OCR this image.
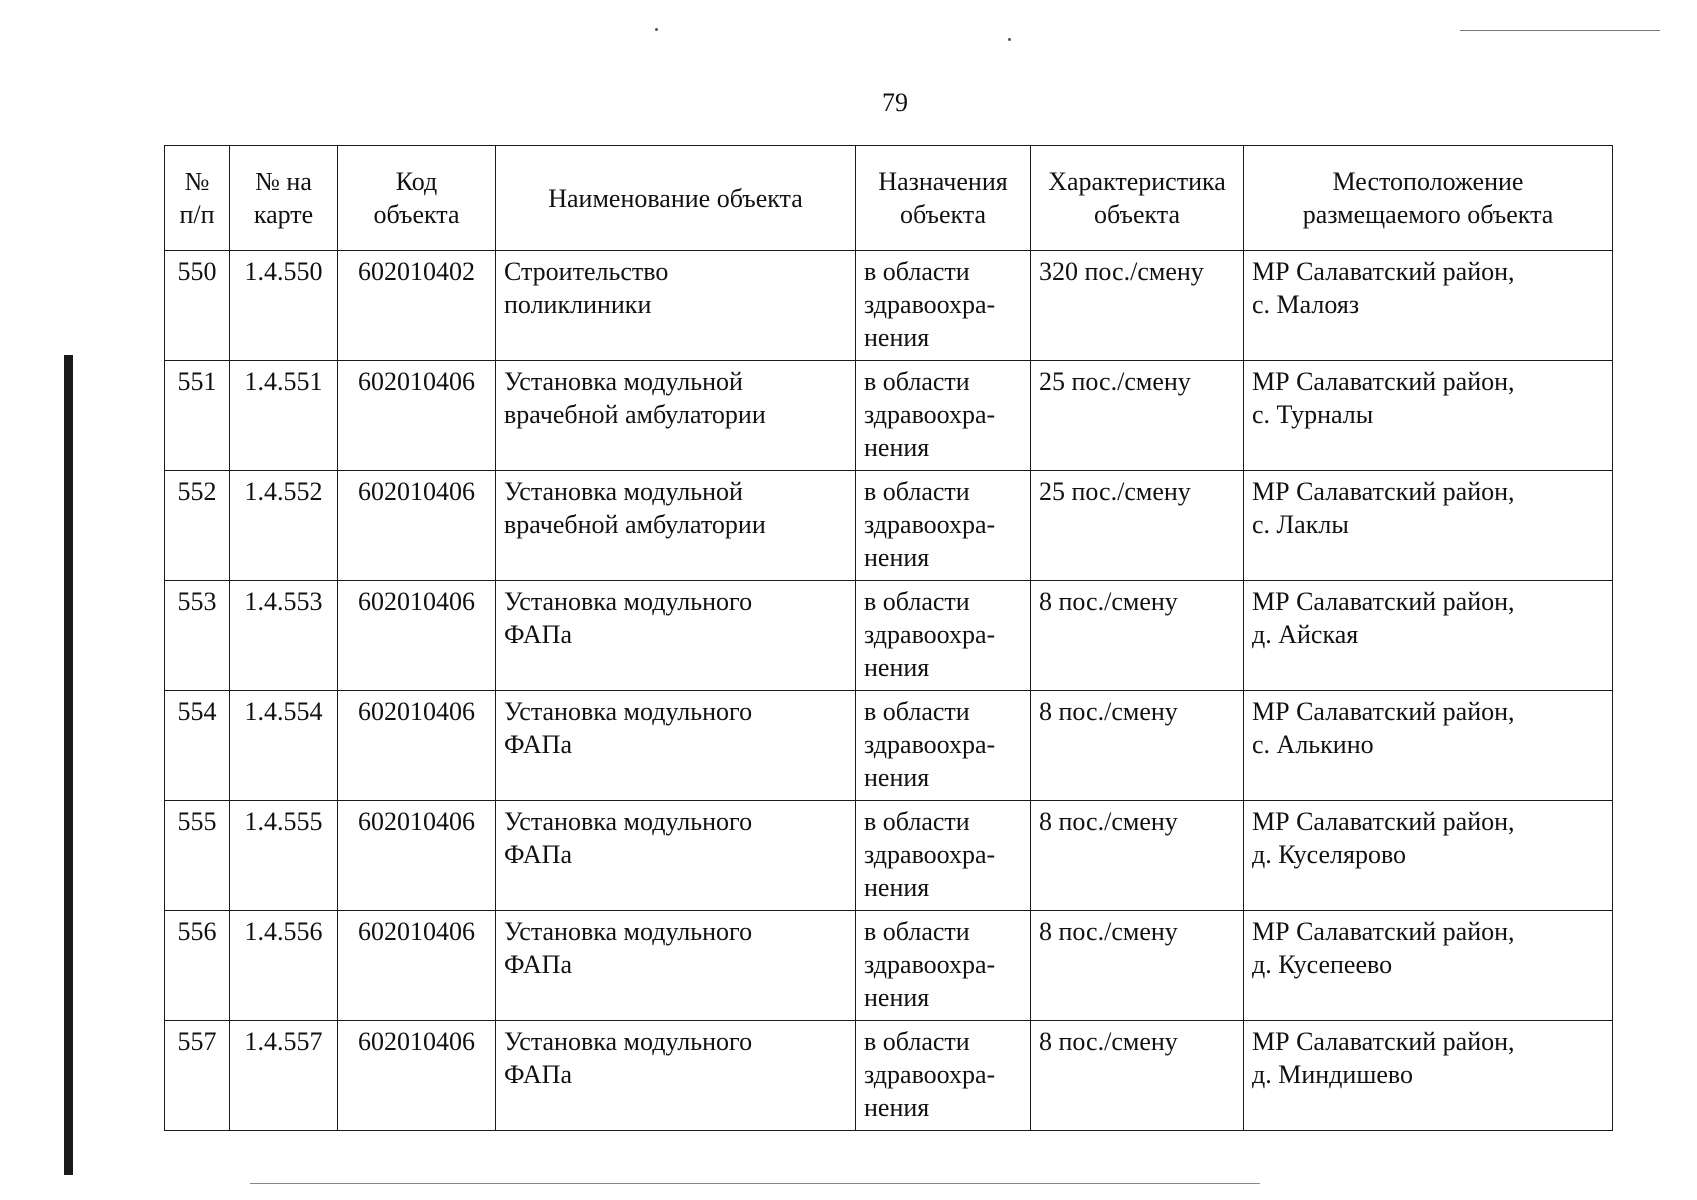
79
№
п/п	№ на
карте	Код
объекта	Наименование объекта	Назначения
объекта	Характеристика
объекта	Местоположение
размещаемого объекта

550	1.4.550	602010402	Строительство
поликлиники	в области
здравоохра-
нения	320 пос./смену	МР Салаватский район,
с. Малояз

551	1.4.551	602010406	Установка модульной
врачебной амбулатории	в области
здравоохра-
нения	25 пос./смену	МР Салаватский район,
с. Турналы

552	1.4.552	602010406	Установка модульной
врачебной амбулатории	в области
здравоохра-
нения	25 пос./смену	МР Салаватский район,
с. Лаклы

553	1.4.553	602010406	Установка модульного
ФАПа	в области
здравоохра-
нения	8 пос./смену	МР Салаватский район,
д. Айская

554	1.4.554	602010406	Установка модульного
ФАПа	в области
здравоохра-
нения	8 пос./смену	МР Салаватский район,
с. Алькино

555	1.4.555	602010406	Установка модульного
ФАПа	в области
здравоохра-
нения	8 пос./смену	МР Салаватский район,
д. Куселярово

556	1.4.556	602010406	Установка модульного
ФАПа	в области
здравоохра-
нения	8 пос./смену	МР Салаватский район,
д. Кусепеево

557	1.4.557	602010406	Установка модульного
ФАПа	в области
здравоохра-
нения	8 пос./смену	МР Салаватский район,
д. Миндишево
